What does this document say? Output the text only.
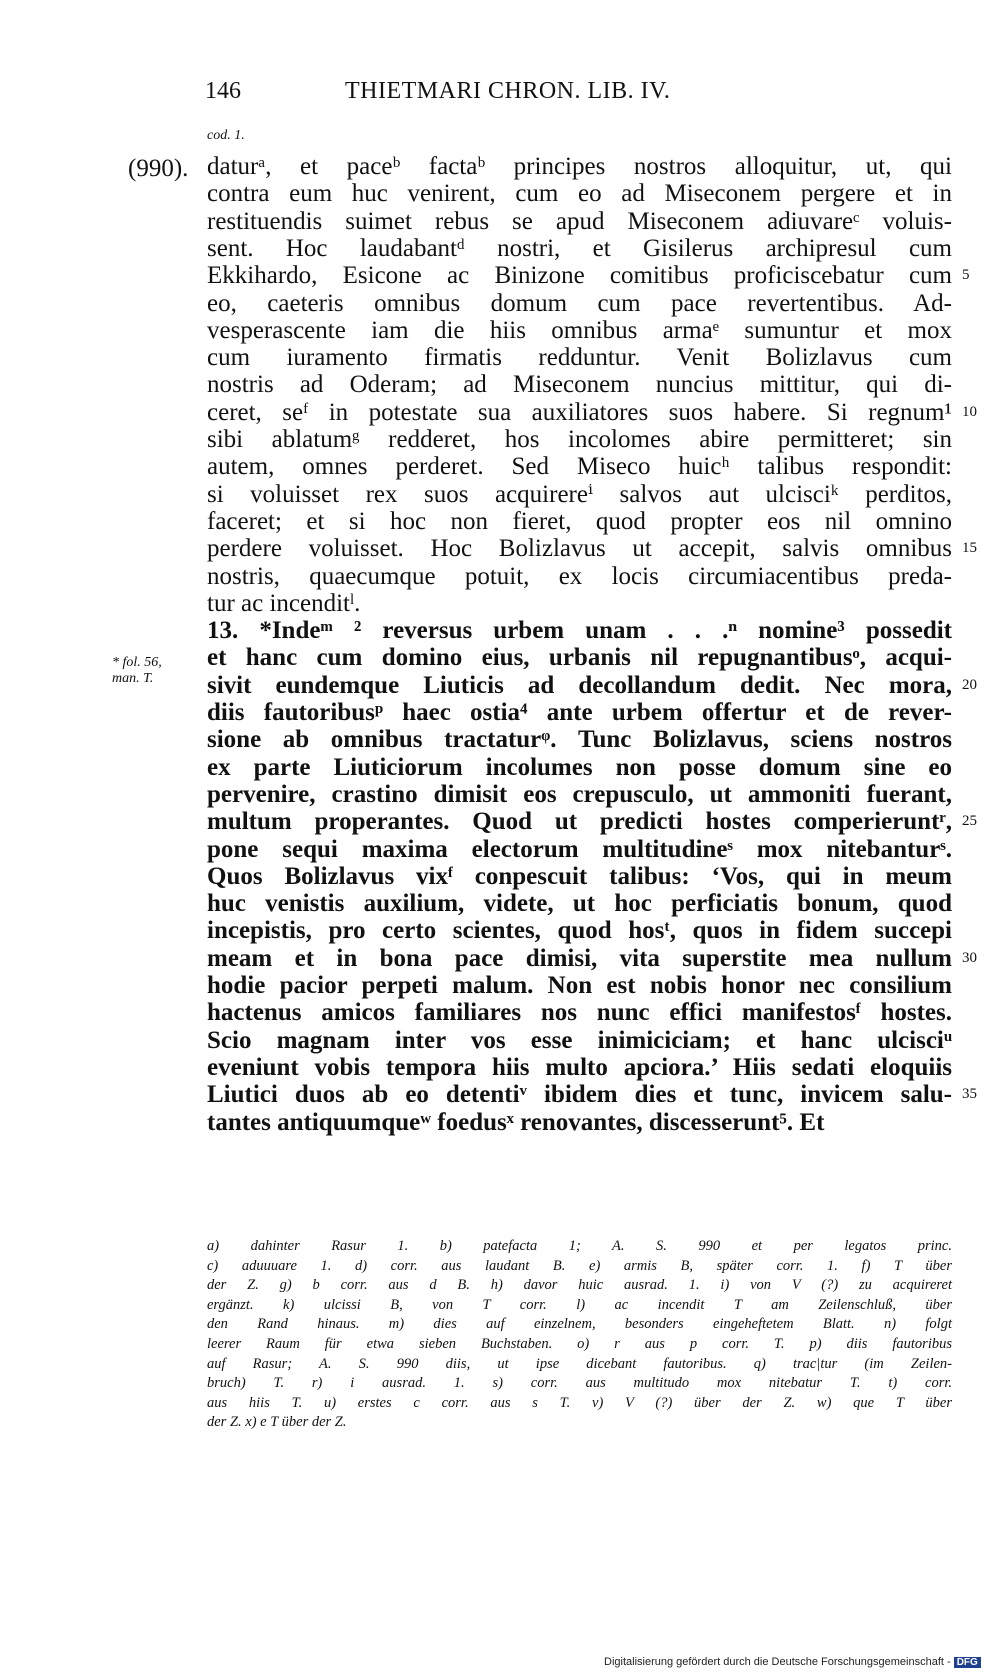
146	THIETMARI CHRON. LIB. IV.
cod. 1.
(990).
* fol. 56,
man. T.
daturᵃ, et paceᵇ factaᵇ principes nostros alloquitur, ut, qui
contra eum huc venirent, cum eo ad Miseconem pergere et in
restituendis suimet rebus se apud Miseconem adiuvareᶜ voluis-
sent. Hoc laudabantᵈ nostri, et Gisilerus archipresul cum
Ekkihardo, Esicone ac Binizone comitibus proficiscebatur cum
eo, caeteris omnibus domum cum pace revertentibus. Ad-
vesperascente iam die hiis omnibus armaᵉ sumuntur et mox
cum iuramento firmatis redduntur. Venit Bolizlavus cum
nostris ad Oderam; ad Miseconem nuncius mittitur, qui di-
ceret, seᶠ in potestate sua auxiliatores suos habere. Si regnum¹
sibi ablatumᵍ redderet, hos incolomes abire permitteret; sin
autem, omnes perderet. Sed Miseco huicʰ talibus respondit:
si voluisset rex suos acquirereⁱ salvos aut ulcisciᵏ perditos,
faceret; et si hoc non fieret, quod propter eos nil omnino
perdere voluisset. Hoc Bolizlavus ut accepit, salvis omnibus
nostris, quaecumque potuit, ex locis circumiacentibus preda-
tur ac incenditˡ.
13. *Indeᵐ ² reversus urbem unam . . .ⁿ nomine³ possedit
et hanc cum domino eius, urbanis nil repugnantibusᵒ, acqui-
sivit eundemque Liuticis ad decollandum dedit. Nec mora,
diis fautoribusᵖ haec ostia⁴ ante urbem offertur et de rever-
sione ab omnibus tractaturᵠ. Tunc Bolizlavus, sciens nostros
ex parte Liuticiorum incolumes non posse domum sine eo
pervenire, crastino dimisit eos crepusculo, ut ammoniti fuerant,
multum properantes. Quod ut predicti hostes comperieruntʳ,
pone sequi maxima electorum multitudineˢ mox nitebanturˢ.
Quos Bolizlavus vixᶠ conpescuit talibus: ‘Vos, qui in meum
huc venistis auxilium, videte, ut hoc perficiatis bonum, quod
incepistis, pro certo scientes, quod hosᵗ, quos in fidem succepi
meam et in bona pace dimisi, vita superstite mea nullum
hodie pacior perpeti malum. Non est nobis honor nec consilium
hactenus amicos familiares nos nunc effici manifestosᶠ hostes.
Scio magnam inter vos esse inimiciciam; et hanc ulcisciᵘ
eveniunt vobis tempora hiis multo apciora.’ Hiis sedati eloquiis
Liutici duos ab eo detentiᵛ ibidem dies et tunc, invicem salu-
tantes antiquumqueʷ foedusˣ renovantes, discesserunt⁵. Et
5
10
15
20
25
30
35
a) dahinter Rasur 1. b) patefacta 1; A. S. 990 et per legatos princ.
c) aduuuare 1. d) corr. aus laudant B. e) armis B, später corr. 1. f) T über
der Z. g) b corr. aus d B. h) davor huic ausrad. 1. i) von V (?) zu acquireret
ergänzt. k) ulcissi B, von T corr. l) ac incendit T am Zeilenschluß, über
den Rand hinaus. m) dies auf einzelnem, besonders eingeheftetem Blatt. n) folgt
leerer Raum für etwa sieben Buchstaben. o) r aus p corr. T. p) diis fautoribus
auf Rasur; A. S. 990 diis, ut ipse dicebant fautoribus. q) trac|tur (im Zeilen-
bruch) T. r) i ausrad. 1. s) corr. aus multitudo mox nitebatur T. t) corr.
aus hiis T. u) erstes c corr. aus s T. v) V (?) über der Z. w) que T über
der Z. x) e T über der Z.
Digitalisierung gefördert durch die Deutsche Forschungsgemeinschaft - DFG
